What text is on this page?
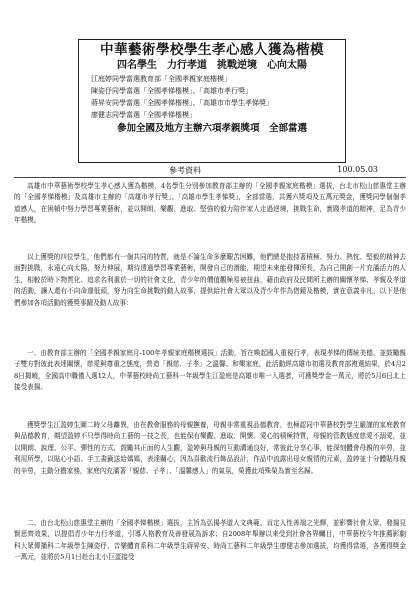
中華藝術學校學生孝心感人獲為楷模
四名學生　力行孝道　挑戰逆境　心向太陽
江庭婷同學當選教育部「全國孝親家庭楷模」
陳姿伃同學當選「全國孝悌楷模」、「高雄市孝行獎」
蔣昇安同學當選「全國孝悌楷模」、「高雄市市學生孝悌獎」
廖健志同學當選「全國孝悌楷模」
參加全國及地方主辦六項孝親獎項　全部當選
參考資料	100.05.03

高雄市中華藝術學校學生孝心感人獲為楷模，4名學生分別參加教育部主辦的「全國孝親家庭楷模」選拔，台北市松山慈惠堂主辦的「全國孝悌楷模」及高雄市主辦的「高雄市孝行獎」、「高雄市學生孝悌獎」，全部當選，共獲六獎項及五萬元獎金，獲獎同學個個孝道感人，在困頓中努力學習專業藝術，並以開朗、樂觀、進取、堅強的毅力陪伴家人走過逆境，挑戰生命，實踐孝道的精神，足為青少年楷模。

以上獲獎的四位學生，他們都有一個共同的特質，就是不論生命多麼艱苦困難，他們總是抱持著積極、努力、熱忱、堅毅的精神去面對挑戰，永遠心向太陽，努力伸展，期待透過學習專業藝術，開發自己的潛能，期望未來能發揮所長，為自己開創一片充滿活力的人生，相較於時下物質化、追求名利重於一切的社會文化，青少年的價值觀極易被扭曲，藉由政府及民間所主辦的關懷孝悌、孝親及孝道的活動，讓人還有不向命運低頭，努力向生命挑戰的動人故事，提供給社會大眾以及青少年作為借鏡及楷模，實在意義非凡，以下是他們參加各項活動的獲獎事蹟及動人故事：

一、由教育部主辦的「全國孝親家庭月-100年孝親家庭楷模選拔」活動，旨在喚起國人重視行孝，表現孝悌的傳統美德，並鼓勵親子雙方對彼此表達關懷、慈愛與尊重之態度，營造「親慈、子孝」之溫馨、和樂家庭，此活動經高雄市初選及教育部複選結果，於4月28日揭曉，全國高中職僅入選12人，中華藝校時尚工藝科一年級學生江盈庭是高雄市唯一入選者，可獲獎學金一萬元，將於5月6日北上接受表揚。

獲獎學生江盈婷生圖二時父母離異，由在教會服務的母親撫養，母親非常重視品德教育，也極認同中華藝校對學生嚴謹的家庭教育與品德教育，期望盈婷不只學得時尚工藝的一技之長，也能保有樂觀、進取、開懷、愛心的積極特質，母親的管教態度慈愛不溺愛，並以開朗、說理、公平、彈性的方式，鼓勵其正面的人生觀，盈婷與母親的互動溝通良好，常彼此分享心事，能深刻體會母親的辛勞，並利用所學，以貼心小語、手工書籤送給媽媽，表達關心，因為喜歡流行飾品設計，作品中流露出母女親情的元素，盈婷並十分體貼母親的辛勞，主動分擔家務，家庭內充滿著「親慈、子孝」、「溫馨感人」的氣氛，榮獲此項殊榮為實至名歸。

二、由台北松山慈惠堂主辦的「全國孝悌楷模」選拔，主旨為弘揚孝道人文典範、貢定人性善端之光輝，並影響社會大眾，發揚見賢思齊效果，以提倡青少年力行孝道，引導人格教育及善發展為訴求；自2008年舉辦以來受到社會各界矚目，中華藝校今年推薦影劇科大眾傳播科二年級學生陳姿伃、音樂體育系科二年級學生蔣昇安、時尚工藝科二年級學生廖健志參加選拔，均獲得當選，各獲得獎金一萬元，並將於5月1日赴台北小巨蛋接受
